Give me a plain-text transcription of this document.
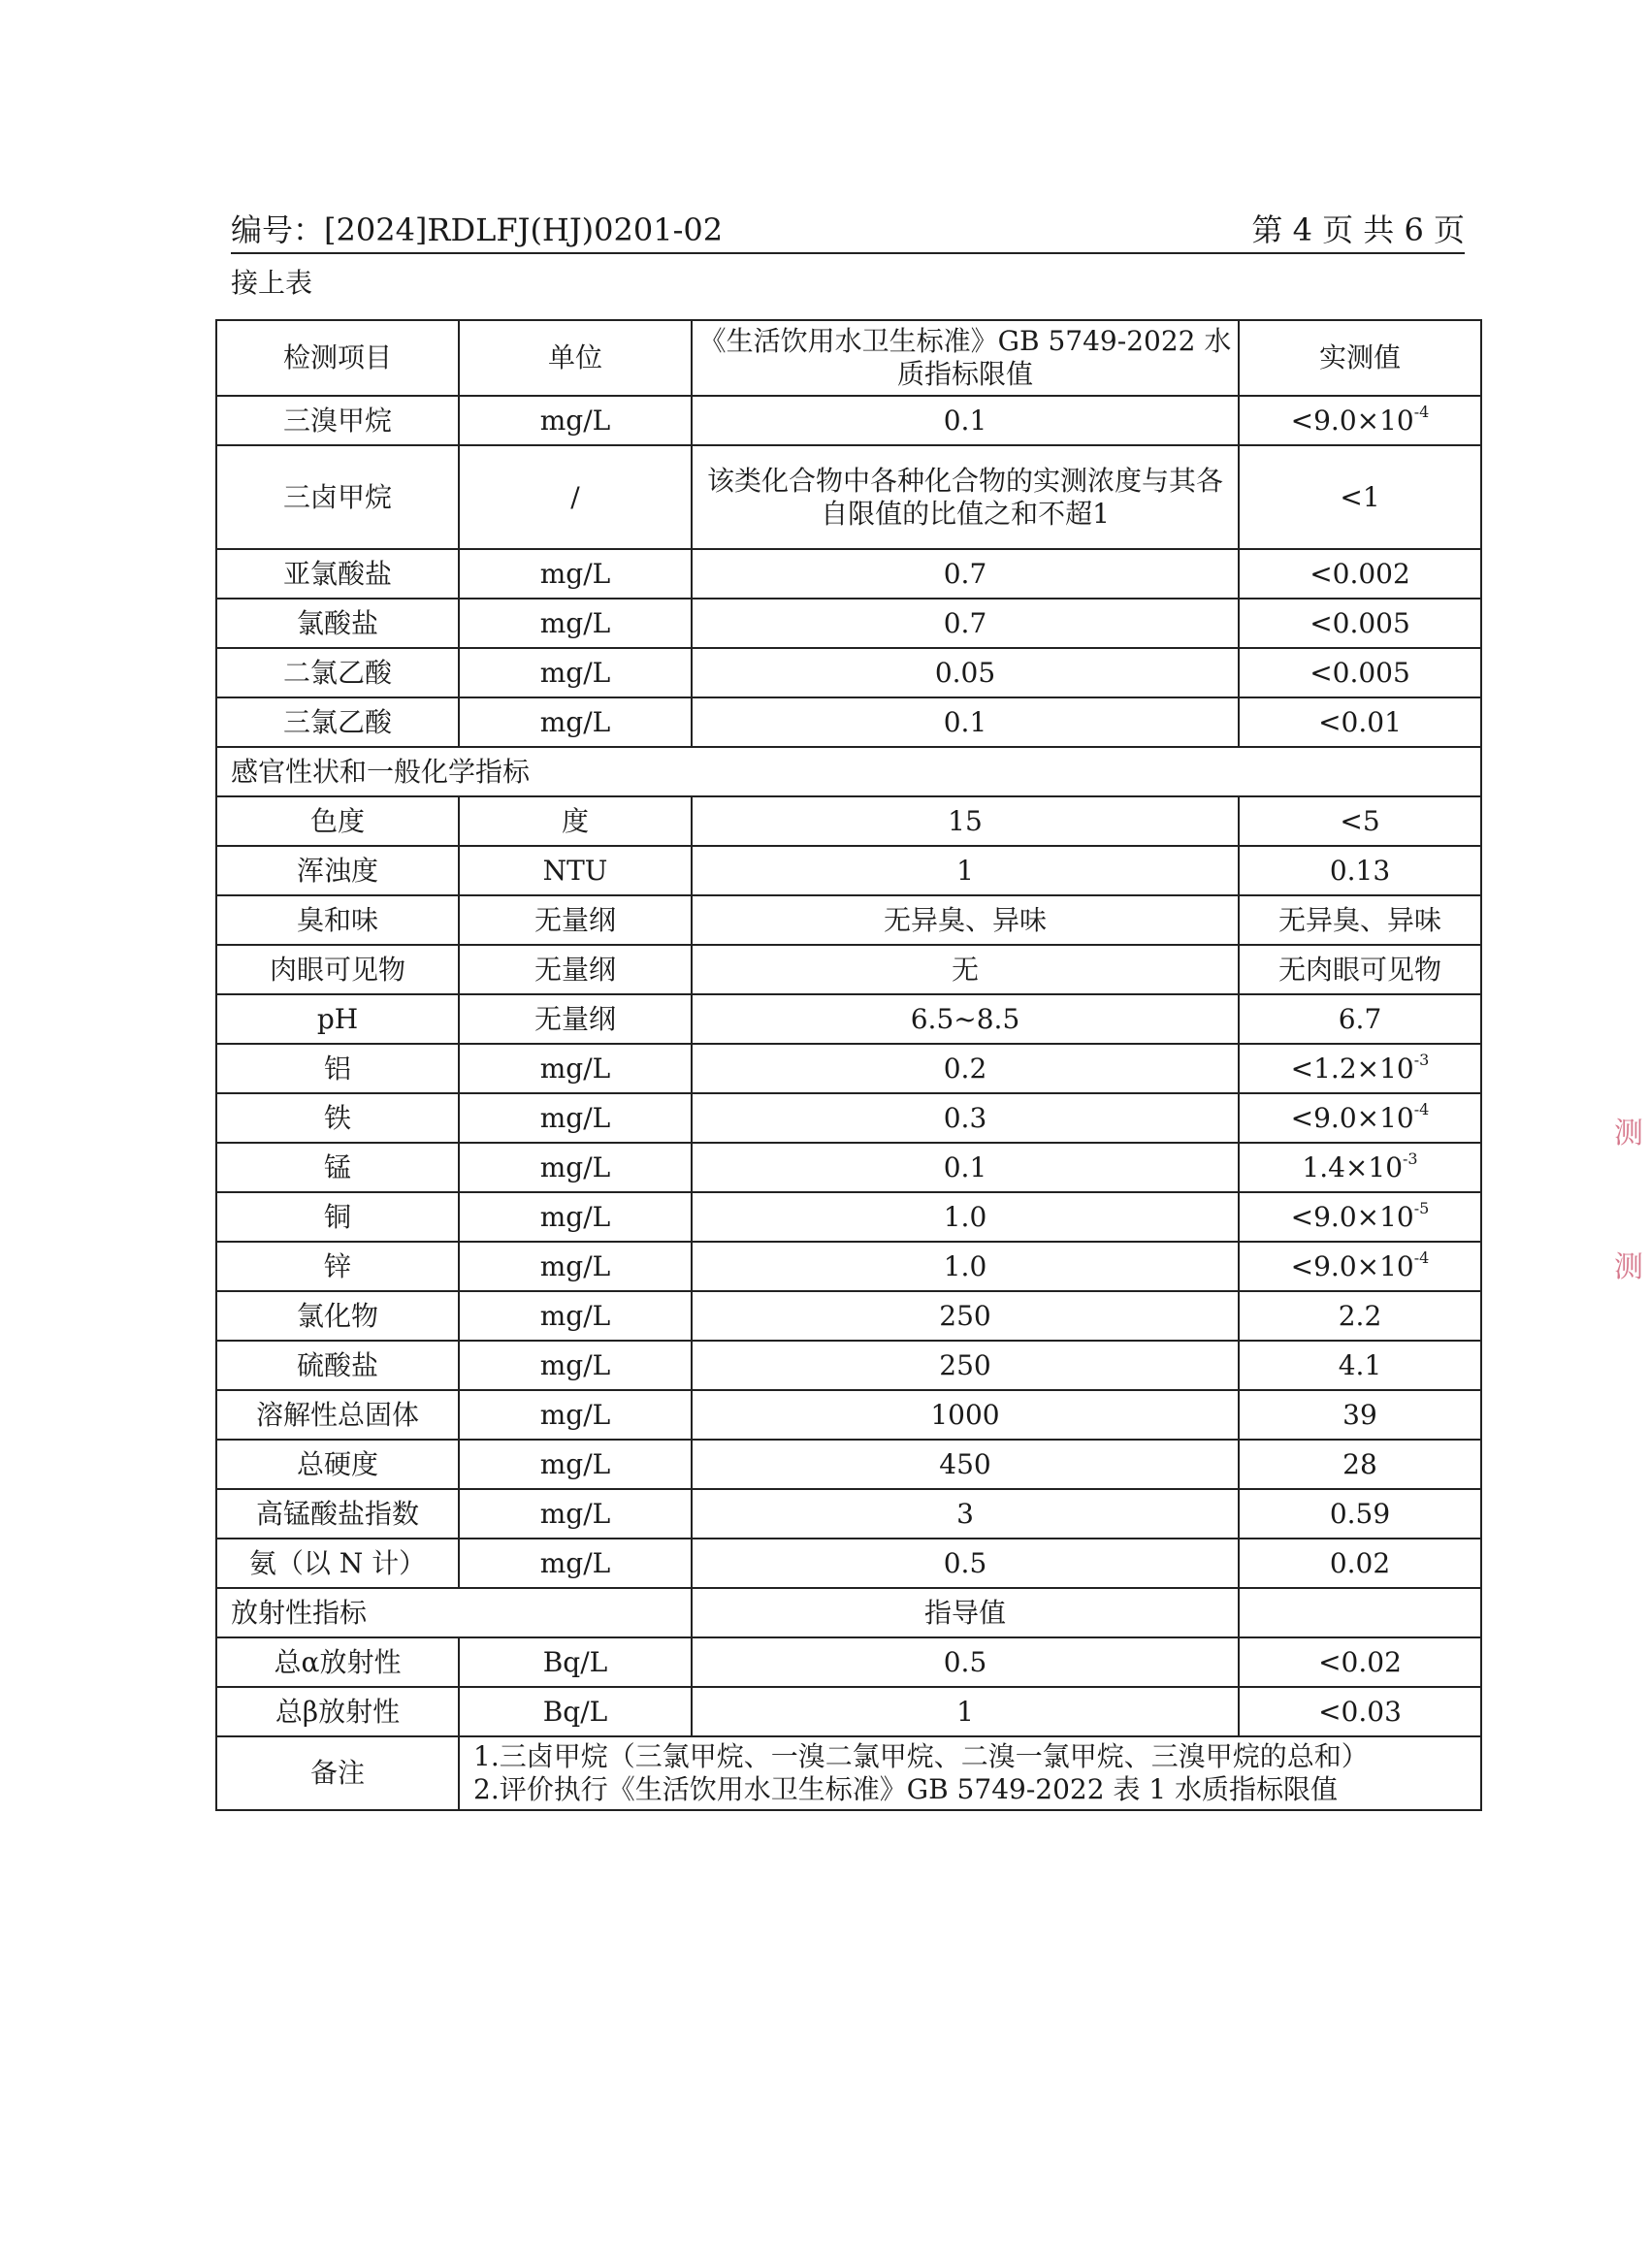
编号：[2024]RDLFJ(HJ)0201-02	第 4 页 共 6 页
接上表
检测项目	单位	《生活饮用水卫生标准》GB 5749-2022 水质指标限值	实测值
三溴甲烷	mg/L	0.1	$<9.0\times 10^{-4}$
三卤甲烷	/	该类化合物中各种化合物的实测浓度与其各自限值的比值之和不超1	<1
亚氯酸盐	mg/L	0.7	<0.002
氯酸盐	mg/L	0.7	<0.005
二氯乙酸	mg/L	0.05	<0.005
三氯乙酸	mg/L	0.1	<0.01
感官性状和一般化学指标			
色度	度	15	<5
浑浊度	NTU	1	0.13
臭和味	无量纲	无异臭、异味	无异臭、异味
肉眼可见物	无量纲	无	无肉眼可见物
pH	无量纲	6.5~8.5	6.7
铝	mg/L	0.2	$<1.2\times 10^{-3}$
铁	mg/L	0.3	$<9.0\times 10^{-4}$
锰	mg/L	0.1	$1.4\times 10^{-3}$
铜	mg/L	1.0	$<9.0\times 10^{-5}$
锌	mg/L	1.0	$<9.0\times 10^{-4}$
氯化物	mg/L	250	2.2
硫酸盐	mg/L	250	4.1
溶解性总固体	mg/L	1000	39
总硬度	mg/L	450	28
高锰酸盐指数	mg/L	3	0.59
氨（以 N 计）	mg/L	0.5	0.02
放射性指标		指导值	
总α放射性	Bq/L	0.5	<0.02
总β放射性	Bq/L	1	<0.03
备注	1.三卤甲烷（三氯甲烷、一溴二氯甲烷、二溴一氯甲烷、三溴甲烷的总和）
2.评价执行《生活饮用水卫生标准》GB 5749-2022 表 1 水质指标限值		
测
测
